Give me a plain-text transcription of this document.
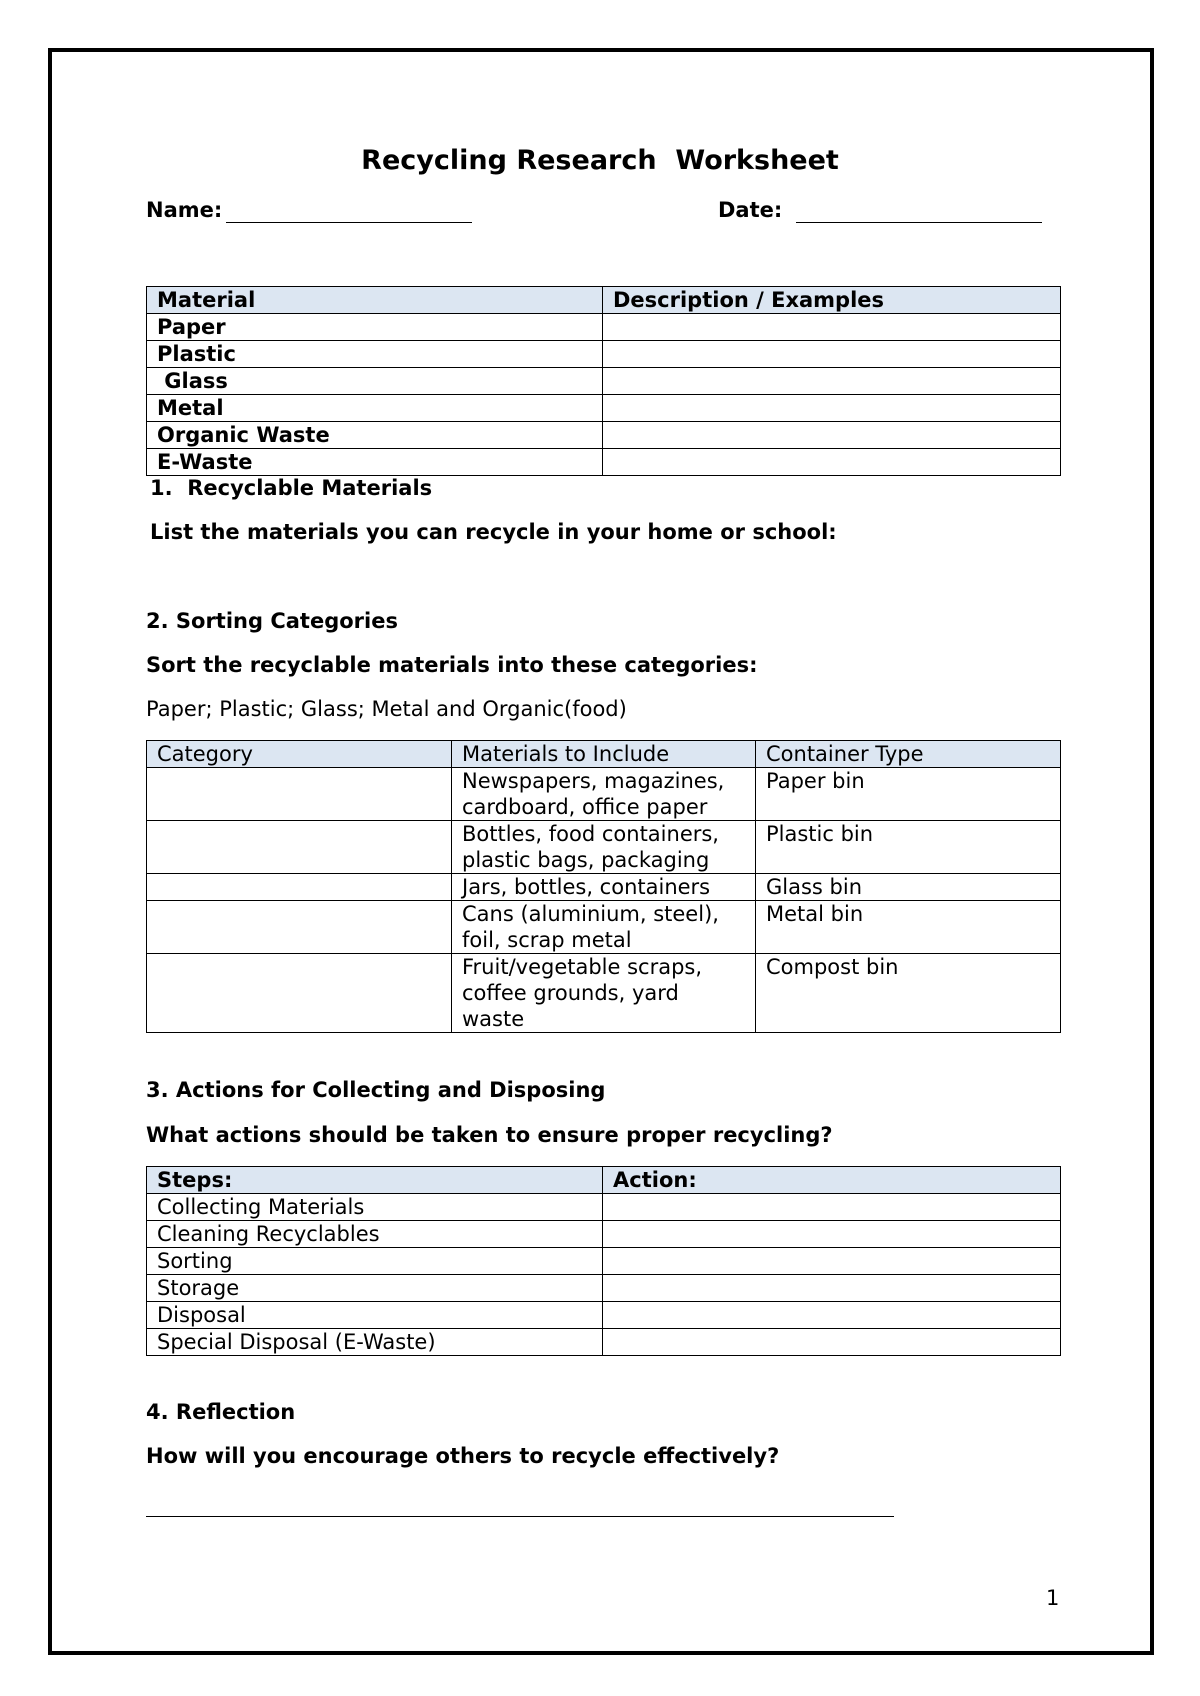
Recycling Research  Worksheet
Name:	Date:
Material	Description / Examples
Paper	
Plastic	
Glass	
Metal	
Organic Waste	
E-Waste	
1.  Recyclable Materials
List the materials you can recycle in your home or school:
2. Sorting Categories
Sort the recyclable materials into these categories:
Paper; Plastic; Glass; Metal and Organic(food)
Category	Materials to Include	Container Type
	Newspapers, magazines, cardboard, office paper	Paper bin
	Bottles, food containers, plastic bags, packaging	Plastic bin
	Jars, bottles, containers	Glass bin
	Cans (aluminium, steel), foil, scrap metal	Metal bin
	Fruit/vegetable scraps, coffee grounds, yard waste	Compost bin
3. Actions for Collecting and Disposing
What actions should be taken to ensure proper recycling?
Steps:	Action:
Collecting Materials	
Cleaning Recyclables	
Sorting	
Storage	
Disposal	
Special Disposal (E-Waste)	
4. Reflection
How will you encourage others to recycle effectively?
1
